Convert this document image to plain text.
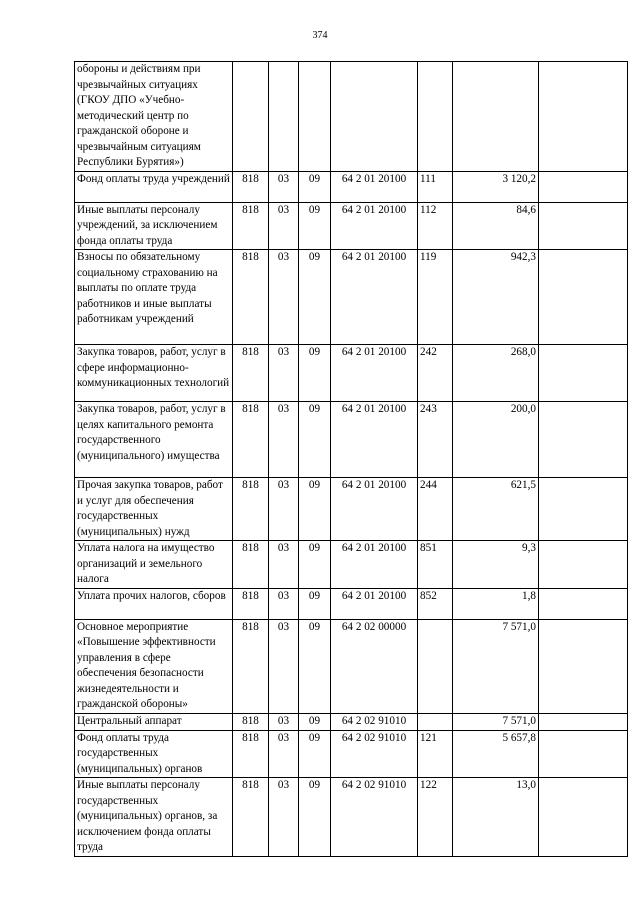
374
обороны и действиям при чрезвычайных ситуациях (ГКОУ ДПО «Учебно-методический центр по гражданской обороне и чрезвычайным ситуациям Республики Бурятия»)							
Фонд оплаты труда учреждений	818	03	09	64 2 01 20100	111	3 120,2	
Иные выплаты персоналу учреждений, за исключением фонда оплаты труда	818	03	09	64 2 01 20100	112	84,6	
Взносы по обязательному социальному страхованию на выплаты по оплате труда работников и иные выплаты работникам учреждений	818	03	09	64 2 01 20100	119	942,3	
Закупка товаров, работ, услуг в сфере информационно-коммуникационных технологий	818	03	09	64 2 01 20100	242	268,0	
Закупка товаров, работ, услуг в целях капитального ремонта государственного (муниципального) имущества	818	03	09	64 2 01 20100	243	200,0	
Прочая закупка товаров, работ и услуг для обеспечения государственных (муниципальных) нужд	818	03	09	64 2 01 20100	244	621,5	
Уплата налога на имущество организаций и земельного налога	818	03	09	64 2 01 20100	851	9,3	
Уплата прочих налогов, сборов	818	03	09	64 2 01 20100	852	1,8	
Основное мероприятие «Повышение эффективности управления в сфере обеспечения безопасности жизнедеятельности и гражданской обороны»	818	03	09	64 2 02 00000		7 571,0	
Центральный аппарат	818	03	09	64 2 02 91010		7 571,0	
Фонд оплаты труда государственных (муниципальных) органов	818	03	09	64 2 02 91010	121	5 657,8	
Иные выплаты персоналу государственных (муниципальных) органов, за исключением фонда оплаты труда	818	03	09	64 2 02 91010	122	13,0	
